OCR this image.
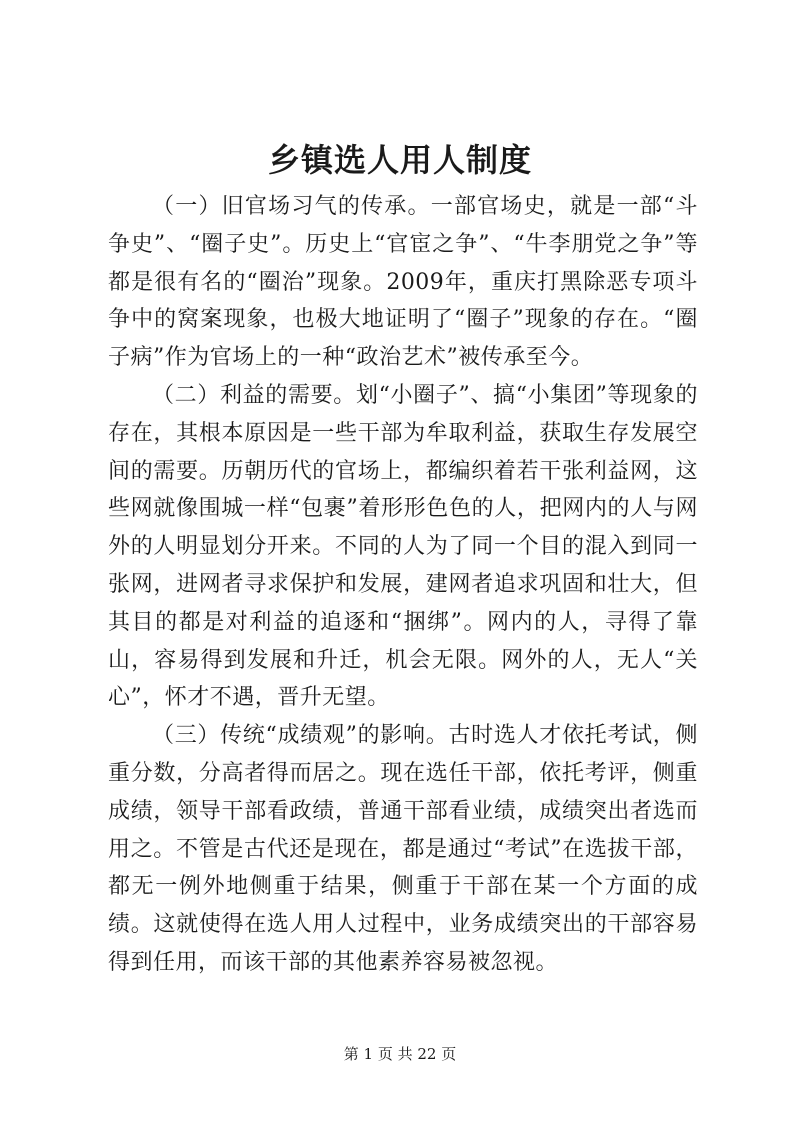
乡镇选人用人制度

（一）旧官场习气的传承。一部官场史，就是一部“斗争史”、“圈子史”。历史上“官宦之争”、“牛李朋党之争”等都是很有名的“圈治”现象。2009年，重庆打黑除恶专项斗争中的窝案现象，也极大地证明了“圈子”现象的存在。“圈子病”作为官场上的一种“政治艺术”被传承至今。

（二）利益的需要。划“小圈子”、搞“小集团”等现象的存在，其根本原因是一些干部为牟取利益，获取生存发展空间的需要。历朝历代的官场上，都编织着若干张利益网，这些网就像围城一样“包裹”着形形色色的人，把网内的人与网外的人明显划分开来。不同的人为了同一个目的混入到同一张网，进网者寻求保护和发展，建网者追求巩固和壮大，但其目的都是对利益的追逐和“捆绑”。网内的人，寻得了靠山，容易得到发展和升迁，机会无限。网外的人，无人“关心”，怀才不遇，晋升无望。

（三）传统“成绩观”的影响。古时选人才依托考试，侧重分数，分高者得而居之。现在选任干部，依托考评，侧重成绩，领导干部看政绩，普通干部看业绩，成绩突出者选而用之。不管是古代还是现在，都是通过“考试”在选拔干部，都无一例外地侧重于结果，侧重于干部在某一个方面的成绩。这就使得在选人用人过程中，业务成绩突出的干部容易得到任用，而该干部的其他素养容易被忽视。

第 1 页 共 22 页
